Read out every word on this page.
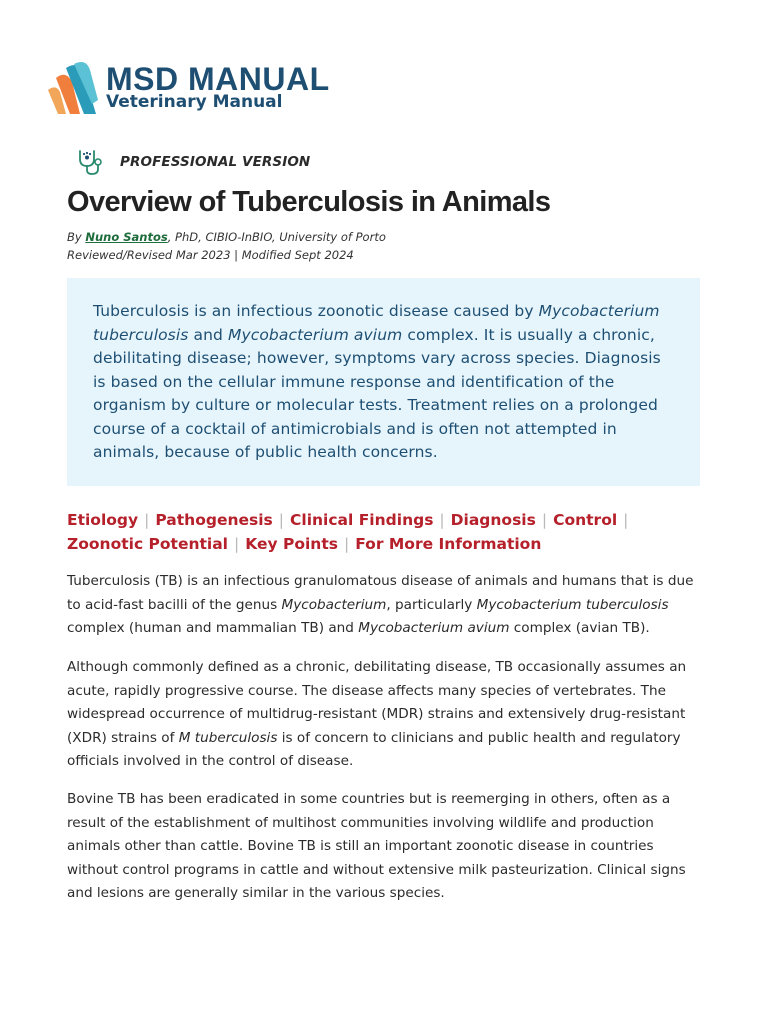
MSD MANUAL
Veterinary Manual
PROFESSIONAL VERSION
Overview of Tuberculosis in Animals
By Nuno Santos, PhD, CIBIO-InBIO, University of Porto
Reviewed/Revised Mar 2023 | Modified Sept 2024
Tuberculosis is an infectious zoonotic disease caused by Mycobacterium tuberculosis and Mycobacterium avium complex. It is usually a chronic, debilitating disease; however, symptoms vary across species. Diagnosis is based on the cellular immune response and identification of the organism by culture or molecular tests. Treatment relies on a prolonged course of a cocktail of antimicrobials and is often not attempted in animals, because of public health concerns.
Etiology | Pathogenesis | Clinical Findings | Diagnosis | Control |
Zoonotic Potential | Key Points | For More Information

Tuberculosis (TB) is an infectious granulomatous disease of animals and humans that is due to acid-fast bacilli of the genus Mycobacterium, particularly Mycobacterium tuberculosis complex (human and mammalian TB) and Mycobacterium avium complex (avian TB).

Although commonly defined as a chronic, debilitating disease, TB occasionally assumes an acute, rapidly progressive course. The disease affects many species of vertebrates. The widespread occurrence of multidrug-resistant (MDR) strains and extensively drug-resistant (XDR) strains of M tuberculosis is of concern to clinicians and public health and regulatory officials involved in the control of disease.

Bovine TB has been eradicated in some countries but is reemerging in others, often as a result of the establishment of multihost communities involving wildlife and production animals other than cattle. Bovine TB is still an important zoonotic disease in countries without control programs in cattle and without extensive milk pasteurization. Clinical signs and lesions are generally similar in the various species.
